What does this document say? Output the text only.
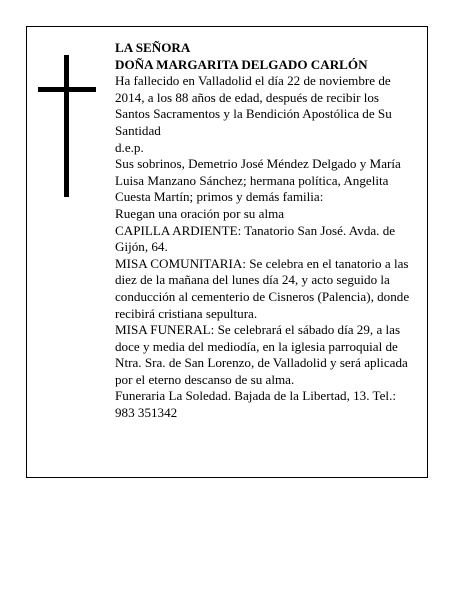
LA SEÑORA

DOÑA MARGARITA DELGADO CARLÓN

Ha fallecido en Valladolid el día 22 de noviembre de 2014, a los 88 años de edad, después de recibir los Santos Sacramentos y la Bendición Apostólica de Su Santidad

d.e.p.

Sus sobrinos, Demetrio José Méndez Delgado y María Luisa Manzano Sánchez; hermana política, Angelita Cuesta Martín; primos y demás familia:

Ruegan una oración por su alma

CAPILLA ARDIENTE: Tanatorio San José. Avda. de Gijón, 64.

MISA COMUNITARIA: Se celebra en el tanatorio a las diez de la mañana del lunes día 24, y acto seguido la conducción al cementerio de Cisneros (Palencia), donde recibirá cristiana sepultura.

MISA FUNERAL: Se celebrará el sábado día 29, a las doce y media del mediodía, en la iglesia parroquial de Ntra. Sra. de San Lorenzo, de Valladolid y será aplicada por el eterno descanso de su alma.

Funeraria La Soledad. Bajada de la Libertad, 13. Tel.: 983 351342
